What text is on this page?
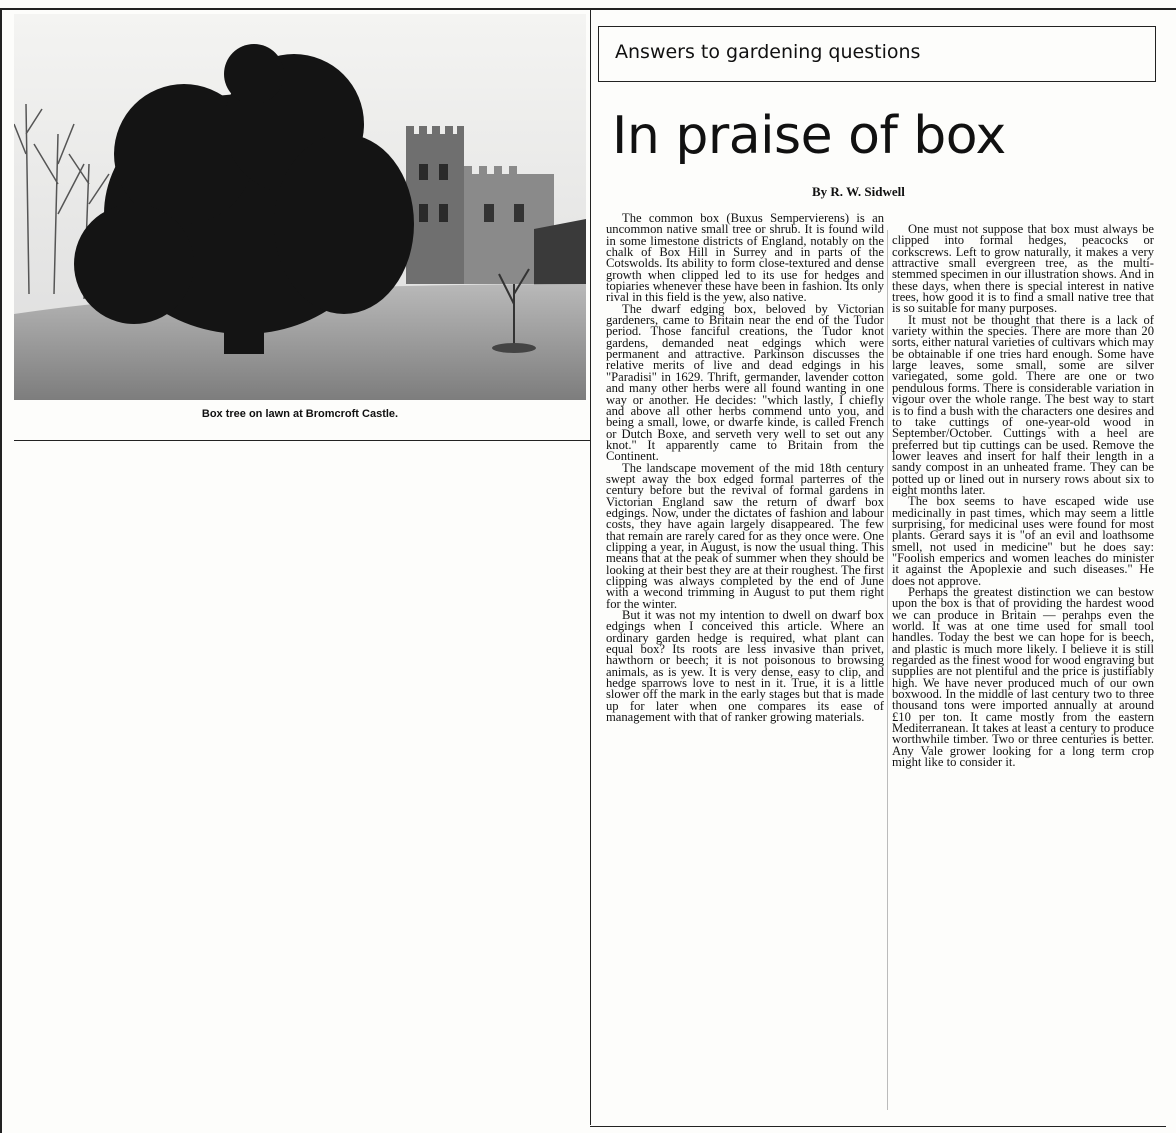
Box tree on lawn at Bromcroft Castle.
Answers to gardening questions
In praise of box
By R. W. Sidwell

The common box (Buxus Sempervierens) is an uncommon native small tree or shrub. It is found wild in some limestone districts of England, notably on the chalk of Box Hill in Surrey and in parts of the Cotswolds. Its ability to form close-textured and dense growth when clipped led to its use for hedges and topiaries whenever these have been in fashion. Its only rival in this field is the yew, also native.

The dwarf edging box, beloved by Victorian gardeners, came to Britain near the end of the Tudor period. Those fanciful creations, the Tudor knot gardens, demanded neat edgings which were permanent and attractive. Parkinson discusses the relative merits of live and dead edgings in his "Paradisi" in 1629. Thrift, germander, lavender cotton and many other herbs were all found wanting in one way or another. He decides: "which lastly, I chiefly and above all other herbs commend unto you, and being a small, lowe, or dwarfe kinde, is called French or Dutch Boxe, and serveth very well to set out any knot." It apparently came to Britain from the Continent.

The landscape movement of the mid 18th century swept away the box edged formal parterres of the century before but the revival of formal gardens in Victorian England saw the return of dwarf box edgings. Now, under the dictates of fashion and labour costs, they have again largely disappeared. The few that remain are rarely cared for as they once were. One clipping a year, in August, is now the usual thing. This means that at the peak of summer when they should be looking at their best they are at their roughest. The first clipping was always completed by the end of June with a wecond trimming in August to put them right for the winter.

But it was not my intention to dwell on dwarf box edgings when I conceived this article. Where an ordinary garden hedge is required, what plant can equal box? Its roots are less invasive than privet, hawthorn or beech; it is not poisonous to browsing animals, as is yew. It is very dense, easy to clip, and hedge sparrows love to nest in it. True, it is a little slower off the mark in the early stages but that is made up for later when one compares its ease of management with that of ranker growing materials.

One must not suppose that box must always be clipped into formal hedges, peacocks or corkscrews. Left to grow naturally, it makes a very attractive small evergreen tree, as the multi-stemmed specimen in our illustration shows. And in these days, when there is special interest in native trees, how good it is to find a small native tree that is so suitable for many purposes.

It must not be thought that there is a lack of variety within the species. There are more than 20 sorts, either natural varieties of cultivars which may be obtainable if one tries hard enough. Some have large leaves, some small, some are silver variegated, some gold. There are one or two pendulous forms. There is considerable variation in vigour over the whole range. The best way to start is to find a bush with the characters one desires and to take cuttings of one-year-old wood in September/October. Cuttings with a heel are preferred but tip cuttings can be used. Remove the lower leaves and insert for half their length in a sandy compost in an unheated frame. They can be potted up or lined out in nursery rows about six to eight months later.

The box seems to have escaped wide use medicinally in past times, which may seem a little surprising, for medicinal uses were found for most plants. Gerard says it is "of an evil and loathsome smell, not used in medicine" but he does say: "Foolish emperics and women leaches do minister it against the Apoplexie and such diseases." He does not approve.

Perhaps the greatest distinction we can bestow upon the box is that of providing the hardest wood we can produce in Britain — perahps even the world. It was at one time used for small tool handles. Today the best we can hope for is beech, and plastic is much more likely. I believe it is still regarded as the finest wood for wood engraving but supplies are not plentiful and the price is justifiably high. We have never produced much of our own boxwood. In the middle of last century two to three thousand tons were imported annually at around £10 per ton. It came mostly from the eastern Mediterranean. It takes at least a century to produce worthwhile timber. Two or three centuries is better. Any Vale grower looking for a long term crop might like to consider it.
